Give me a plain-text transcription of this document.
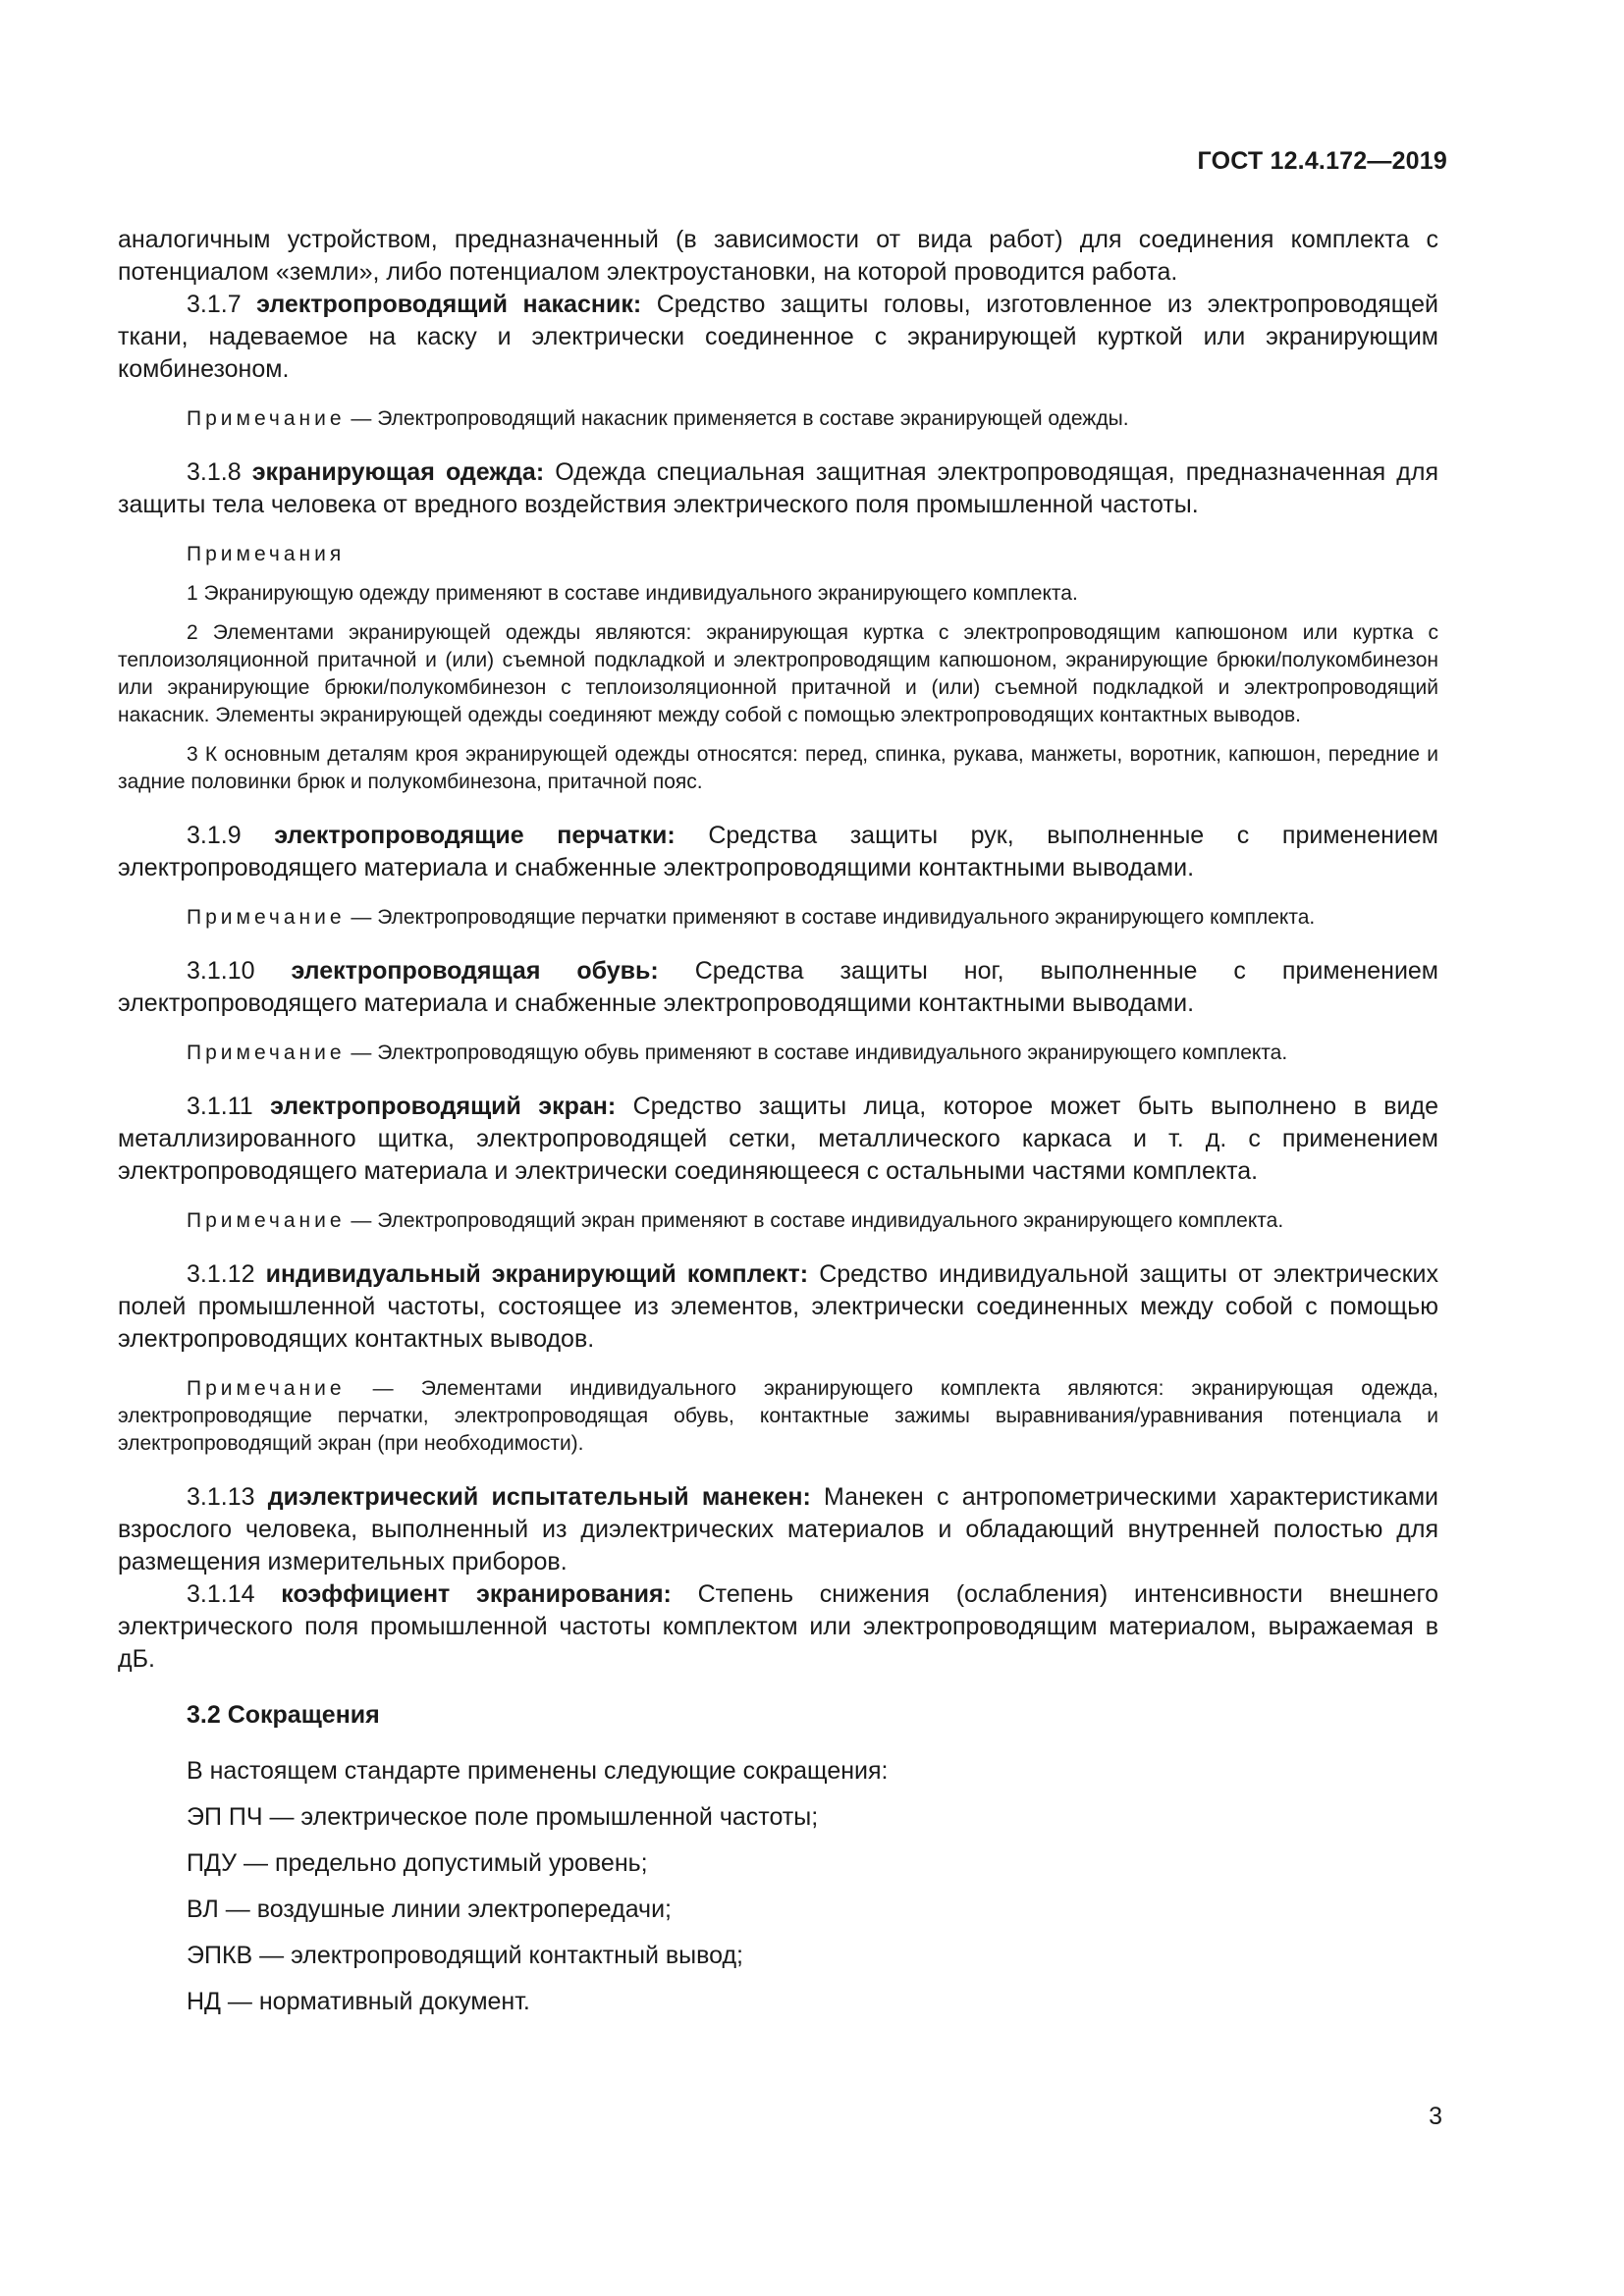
ГОСТ 12.4.172—2019

аналогичным устройством, предназначенный (в зависимости от вида работ) для соединения комплекта с потенциалом «земли», либо потенциалом электроустановки, на которой проводится работа.

3.1.7 электропроводящий накасник: Средство защиты головы, изготовленное из электропроводящей ткани, надеваемое на каску и электрически соединенное с экранирующей курткой или экранирующим комбинезоном.

Примечание — Электропроводящий накасник применяется в составе экранирующей одежды.

3.1.8 экранирующая одежда: Одежда специальная защитная электропроводящая, предназначенная для защиты тела человека от вредного воздействия электрического поля промышленной частоты.

Примечания

1 Экранирующую одежду применяют в составе индивидуального экранирующего комплекта.

2 Элементами экранирующей одежды являются: экранирующая куртка с электропроводящим капюшоном или куртка с теплоизоляционной притачной и (или) съемной подкладкой и электропроводящим капюшоном, экранирующие брюки/полукомбинезон или экранирующие брюки/полукомбинезон с теплоизоляционной притачной и (или) съемной подкладкой и электропроводящий накасник. Элементы экранирующей одежды соединяют между собой с помощью электропроводящих контактных выводов.

3 К основным деталям кроя экранирующей одежды относятся: перед, спинка, рукава, манжеты, воротник, капюшон, передние и задние половинки брюк и полукомбинезона, притачной пояс.

3.1.9 электропроводящие перчатки: Средства защиты рук, выполненные с применением электропроводящего материала и снабженные электропроводящими контактными выводами.

Примечание — Электропроводящие перчатки применяют в составе индивидуального экранирующего комплекта.

3.1.10 электропроводящая обувь: Средства защиты ног, выполненные с применением электропроводящего материала и снабженные электропроводящими контактными выводами.

Примечание — Электропроводящую обувь применяют в составе индивидуального экранирующего комплекта.

3.1.11 электропроводящий экран: Средство защиты лица, которое может быть выполнено в виде металлизированного щитка, электропроводящей сетки, металлического каркаса и т. д. с применением электропроводящего материала и электрически соединяющееся с остальными частями комплекта.

Примечание — Электропроводящий экран применяют в составе индивидуального экранирующего комплекта.

3.1.12 индивидуальный экранирующий комплект: Средство индивидуальной защиты от электрических полей промышленной частоты, состоящее из элементов, электрически соединенных между собой с помощью электропроводящих контактных выводов.

Примечание — Элементами индивидуального экранирующего комплекта являются: экранирующая одежда, электропроводящие перчатки, электропроводящая обувь, контактные зажимы выравнивания/уравнивания потенциала и электропроводящий экран (при необходимости).

3.1.13 диэлектрический испытательный манекен: Манекен с антропометрическими характеристиками взрослого человека, выполненный из диэлектрических материалов и обладающий внутренней полостью для размещения измерительных приборов.

3.1.14 коэффициент экранирования: Степень снижения (ослабления) интенсивности внешнего электрического поля промышленной частоты комплектом или электропроводящим материалом, выражаемая в дБ.

3.2 Сокращения

В настоящем стандарте применены следующие сокращения:

ЭП ПЧ — электрическое поле промышленной частоты;

ПДУ — предельно допустимый уровень;

ВЛ — воздушные линии электропередачи;

ЭПКВ — электропроводящий контактный вывод;

НД — нормативный документ.

3
